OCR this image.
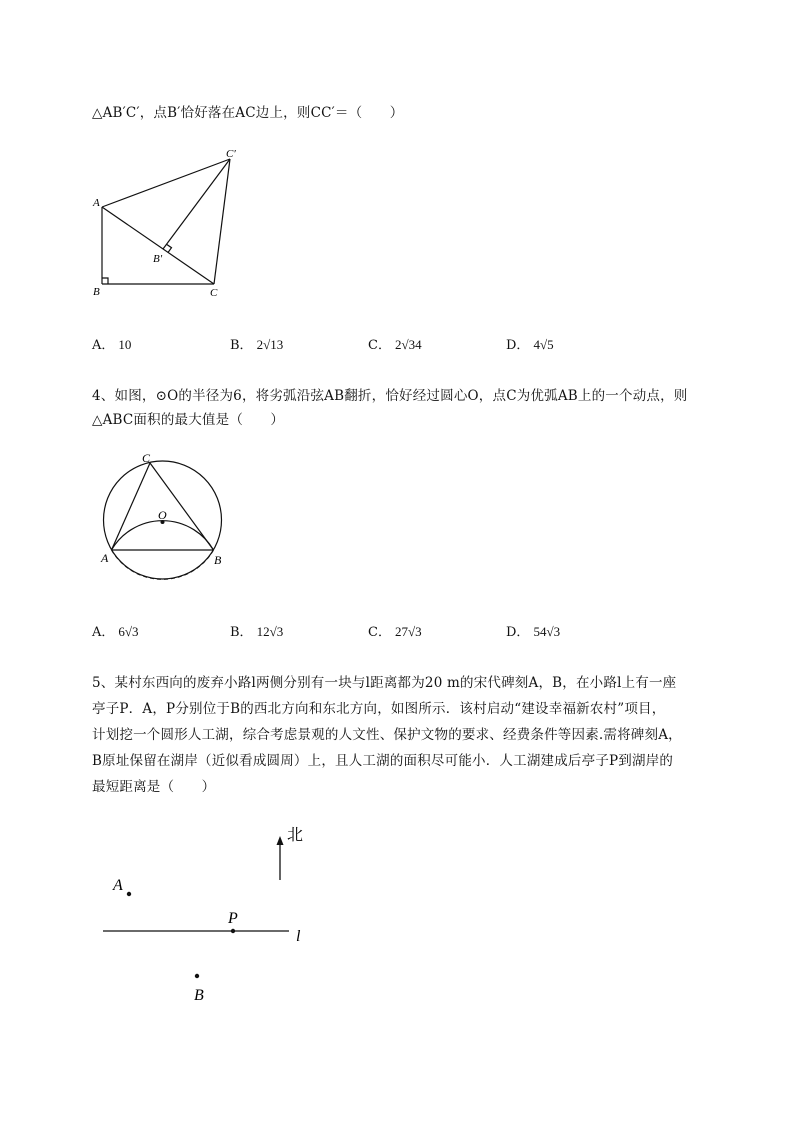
△AB′C′，点B′恰好落在AC边上，则CC′＝（　　）
A
B	C
B′
C′
A． 10	B． 2√13	C． 2√34	D． 4√5
4、如图，⊙O的半径为6，将劣弧沿弦AB翻折，恰好经过圆心O，点C为优弧AB上的一个动点，则
△ABC面积的最大值是（　　）
A	B
C
O
A． 6√3	B． 12√3	C． 27√3	D． 54√3
5、某村东西向的废弃小路l两侧分别有一块与l距离都为20 m的宋代碑刻A，B，在小路l上有一座
亭子P．A，P分别位于B的西北方向和东北方向，如图所示．该村启动“建设幸福新农村”项目，
计划挖一个圆形人工湖，综合考虑景观的人文性、保护文物的要求、经费条件等因素.需将碑刻A，
B原址保留在湖岸（近似看成圆周）上，且人工湖的面积尽可能小．人工湖建成后亭子P到湖岸的
最短距离是（　　）
北
A
P
B
l
